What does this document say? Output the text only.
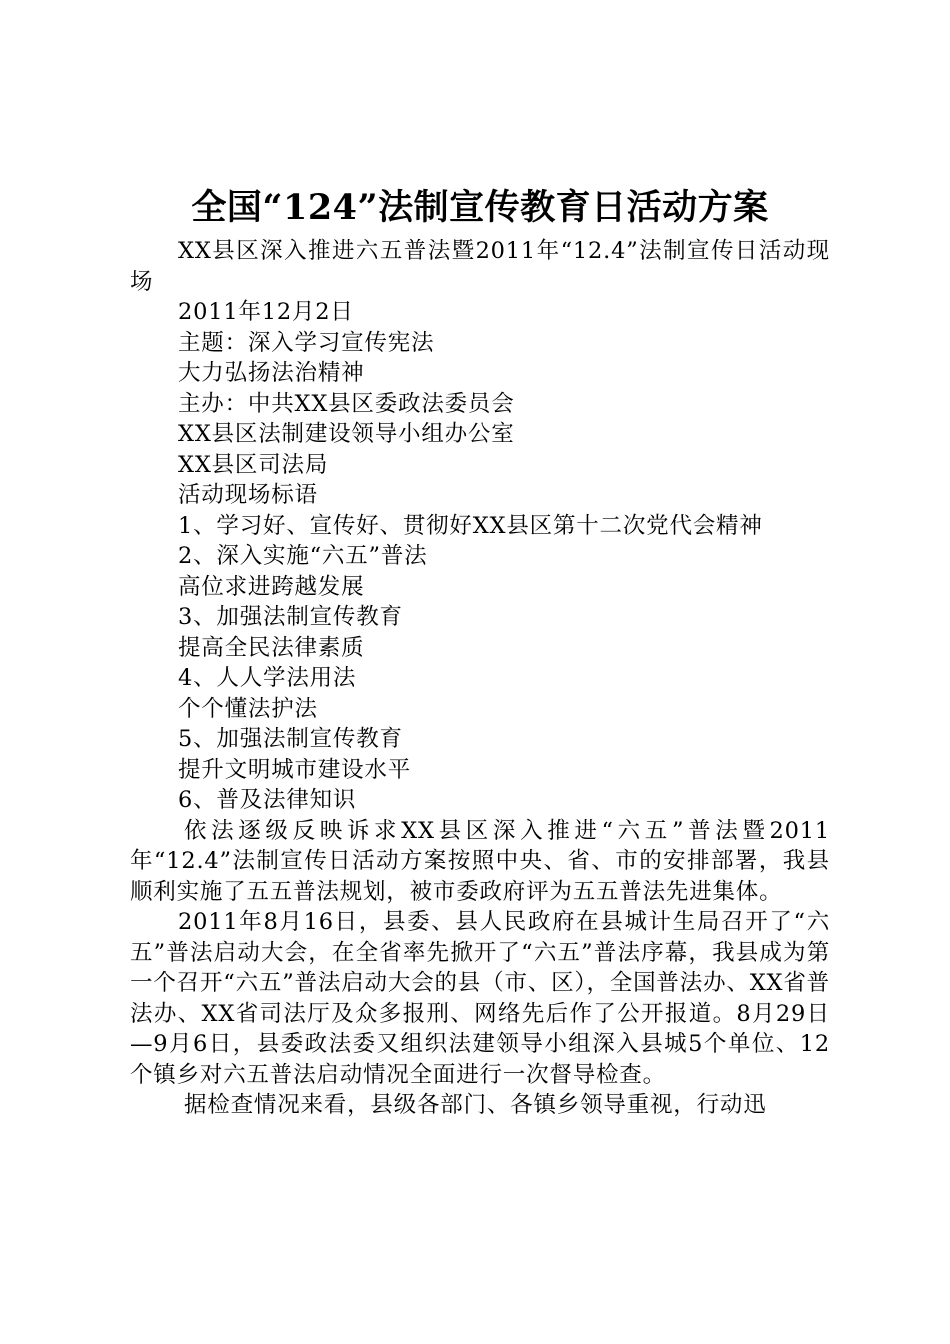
全国“124”法制宣传教育日活动方案

XX县区深入推进六五普法暨2011年“12.4”法制宣传日活动现场

2011年12月2日
主题：深入学习宣传宪法
大力弘扬法治精神
主办：中共XX县区委政法委员会
XX县区法制建设领导小组办公室
XX县区司法局
活动现场标语
1、学习好、宣传好、贯彻好XX县区第十二次党代会精神
2、深入实施“六五”普法
高位求进跨越发展
3、加强法制宣传教育
提高全民法律素质
4、人人学法用法
个个懂法护法
5、加强法制宣传教育
提升文明城市建设水平
6、普及法律知识

依法逐级反映诉求XX县区深入推进“六五”普法暨2011年“12.4”法制宣传日活动方案按照中央、省、市的安排部署，我县顺利实施了五五普法规划，被市委政府评为五五普法先进集体。

2011年8月16日，县委、县人民政府在县城计生局召开了“六五”普法启动大会，在全省率先掀开了“六五”普法序幕，我县成为第一个召开“六五”普法启动大会的县（市、区），全国普法办、XX省普法办、XX省司法厅及众多报刑、网络先后作了公开报道。8月29日—9月6日，县委政法委又组织法建领导小组深入县城5个单位、12个镇乡对六五普法启动情况全面进行一次督导检查。

据检查情况来看，县级各部门、各镇乡领导重视，行动迅
